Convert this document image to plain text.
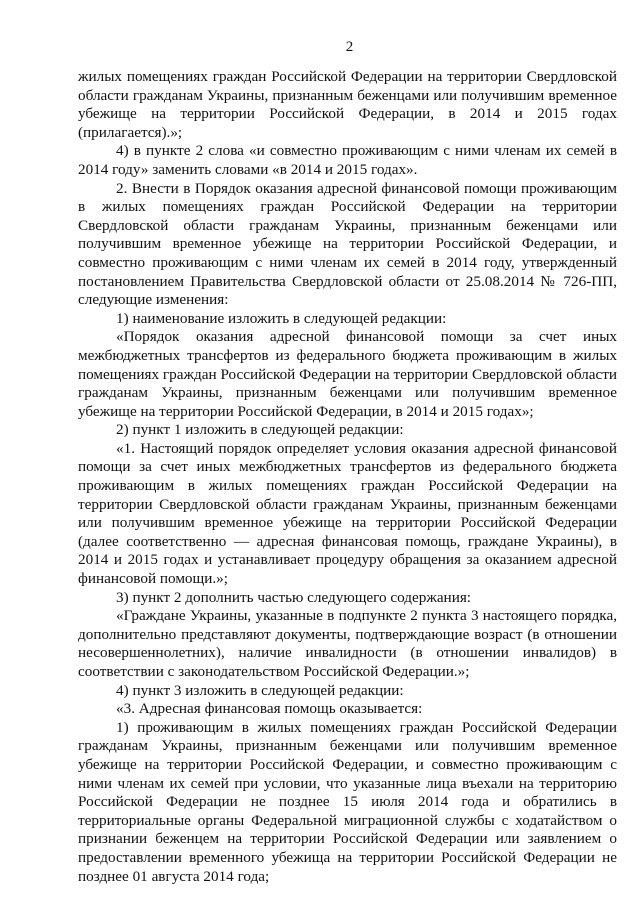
2

жилых помещениях граждан Российской Федерации на территории Свердловской области гражданам Украины, признанным беженцами или получившим временное убежище на территории Российской Федерации, в 2014 и 2015 годах (прилагается).»;

4) в пункте 2 слова «и совместно проживающим с ними членам их семей в 2014 году» заменить словами «в 2014 и 2015 годах».

2. Внести в Порядок оказания адресной финансовой помощи проживающим в жилых помещениях граждан Российской Федерации на территории Свердловской области гражданам Украины, признанным беженцами или получившим временное убежище на территории Российской Федерации, и совместно проживающим с ними членам их семей в 2014 году, утвержденный постановлением Правительства Свердловской области от 25.08.2014 № 726-ПП, следующие изменения:

1) наименование изложить в следующей редакции:

«Порядок оказания адресной финансовой помощи за счет иных межбюджетных трансфертов из федерального бюджета проживающим в жилых помещениях граждан Российской Федерации на территории Свердловской области гражданам Украины, признанным беженцами или получившим временное убежище на территории Российской Федерации, в 2014 и 2015 годах»;

2) пункт 1 изложить в следующей редакции:

«1. Настоящий порядок определяет условия оказания адресной финансовой помощи за счет иных межбюджетных трансфертов из федерального бюджета проживающим в жилых помещениях граждан Российской Федерации на территории Свердловской области гражданам Украины, признанным беженцами или получившим временное убежище на территории Российской Федерации (далее соответственно — адресная финансовая помощь, граждане Украины), в 2014 и 2015 годах и устанавливает процедуру обращения за оказанием адресной финансовой помощи.»;

3) пункт 2 дополнить частью следующего содержания:

«Граждане Украины, указанные в подпункте 2 пункта 3 настоящего порядка, дополнительно представляют документы, подтверждающие возраст (в отношении несовершеннолетних), наличие инвалидности (в отношении инвалидов) в соответствии с законодательством Российской Федерации.»;

4) пункт 3 изложить в следующей редакции:

«3. Адресная финансовая помощь оказывается:

1) проживающим в жилых помещениях граждан Российской Федерации гражданам Украины, признанным беженцами или получившим временное убежище на территории Российской Федерации, и совместно проживающим с ними членам их семей при условии, что указанные лица въехали на территорию Российской Федерации не позднее 15 июля 2014 года и обратились в территориальные органы Федеральной миграционной службы с ходатайством о признании беженцем на территории Российской Федерации или заявлением о предоставлении временного убежища на территории Российской Федерации не позднее 01 августа 2014 года;
